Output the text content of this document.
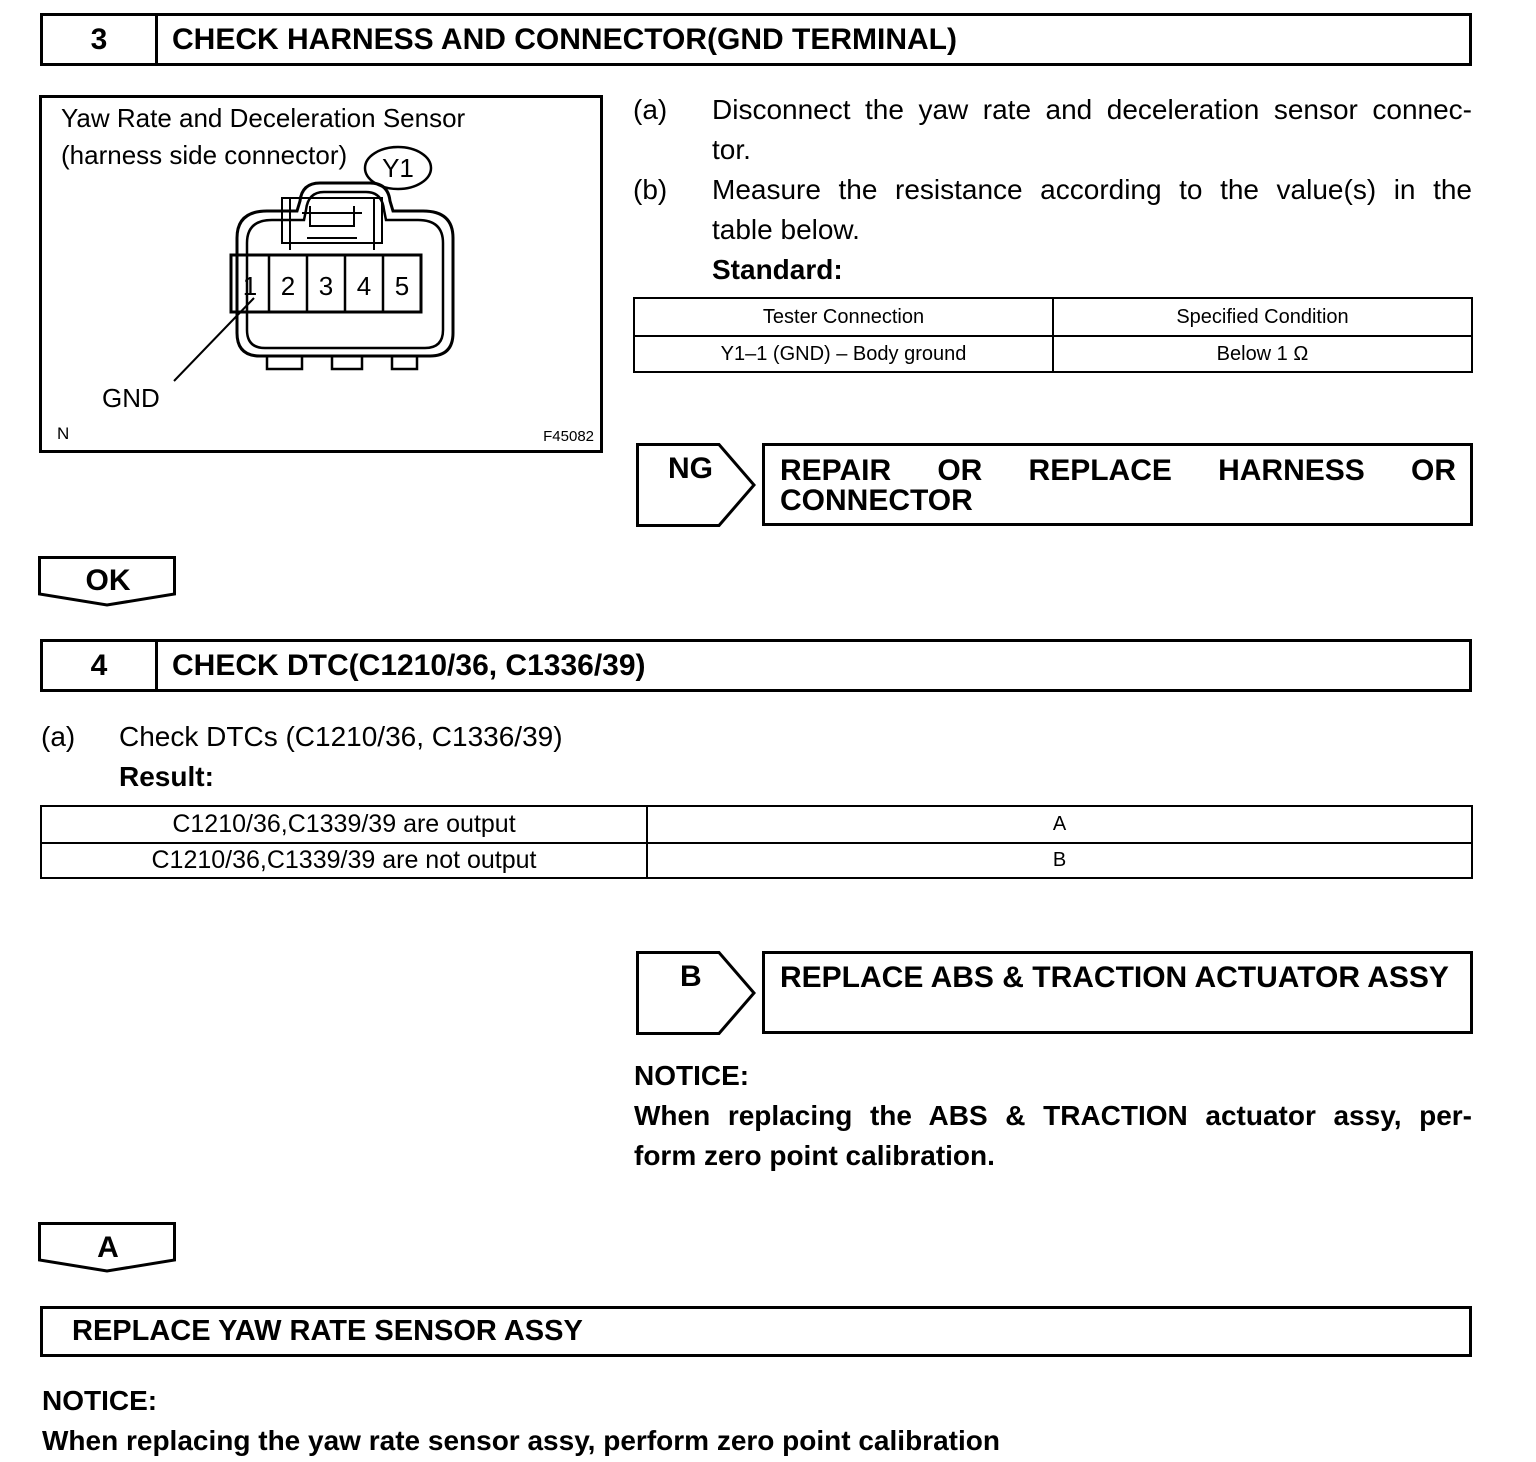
3	CHECK HARNESS AND CONNECTOR(GND TERMINAL)
Yaw Rate and Deceleration Sensor
(harness side connector) Y1
1 2 3 4 5
GND
N	F45082
(a) Disconnect the yaw rate and deceleration sensor connec-
tor.
(b) Measure the resistance according to the value(s) in the
table below.
Standard:
Tester Connection	Specified Condition
Y1–1 (GND) – Body ground	Below 1 Ω
NG REPAIR OR REPLACE HARNESS OR
CONNECTOR
OK
4	CHECK DTC(C1210/36, C1336/39)
(a) Check DTCs (C1210/36, C1336/39)
Result:
C1210/36,C1339/39 are output	A
C1210/36,C1339/39 are not output	B
B	REPLACE ABS & TRACTION ACTUATOR ASSY
NOTICE:
When replacing the ABS & TRACTION actuator assy, per-
form zero point calibration.
A
REPLACE YAW RATE SENSOR ASSY
NOTICE:
When replacing the yaw rate sensor assy, perform zero point calibration
